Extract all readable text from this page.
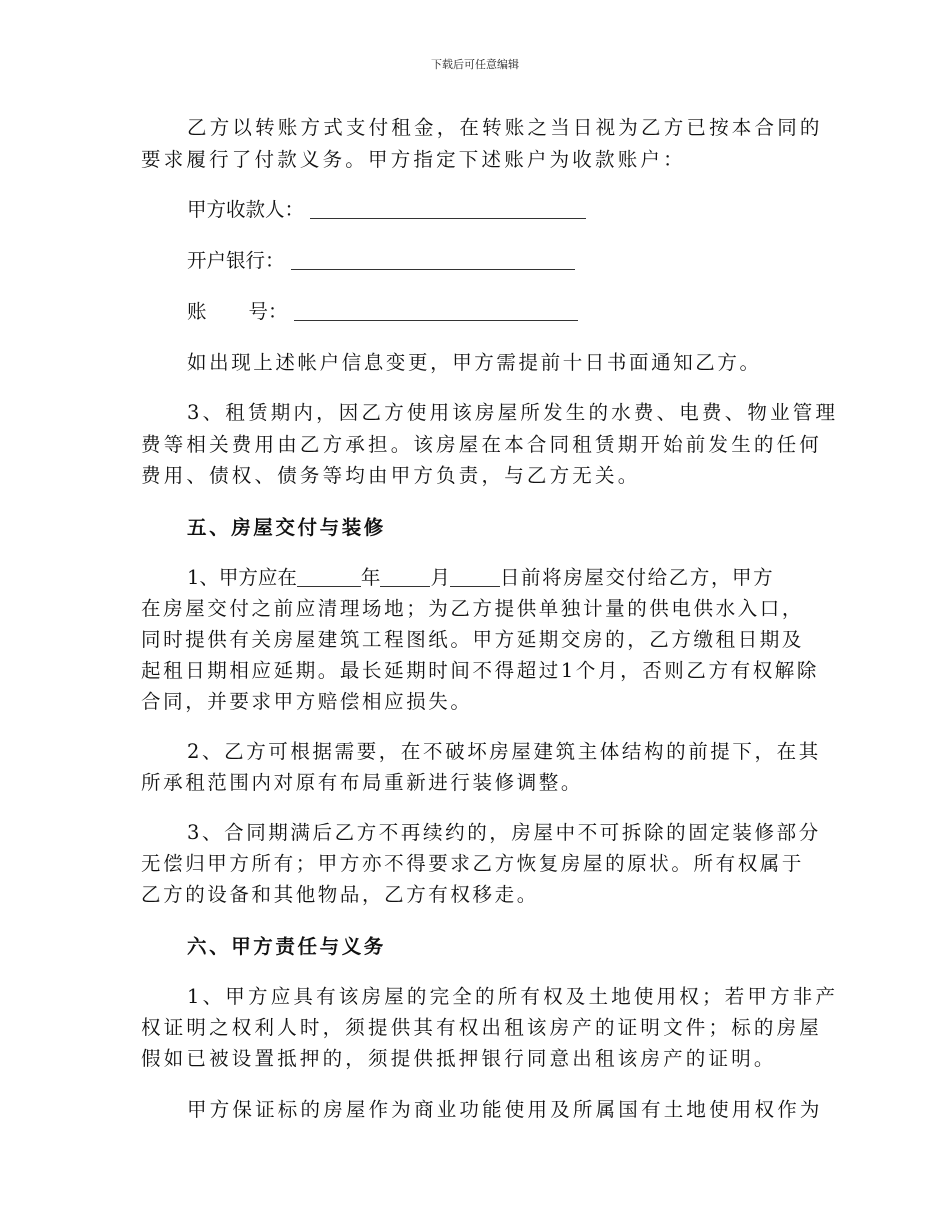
下载后可任意编辑
乙方以转账方式支付租金，在转账之当日视为乙方已按本合同的
要求履行了付款义务。甲方指定下述账户为收款账户：
甲方收款人：
开户银行：
账 号：
如出现上述帐户信息变更，甲方需提前十日书面通知乙方。
3、租赁期内，因乙方使用该房屋所发生的水费、电费、物业管理
费等相关费用由乙方承担。该房屋在本合同租赁期开始前发生的任何
费用、债权、债务等均由甲方负责，与乙方无关。
五、房屋交付与装修
1、甲方应在	年	月	日前将房屋交付给乙方，甲方
在房屋交付之前应清理场地；为乙方提供单独计量的供电供水入口，
同时提供有关房屋建筑工程图纸。甲方延期交房的，乙方缴租日期及
起租日期相应延期。最长延期时间不得超过1个月，否则乙方有权解除
合同，并要求甲方赔偿相应损失。
2、乙方可根据需要，在不破坏房屋建筑主体结构的前提下，在其
所承租范围内对原有布局重新进行装修调整。
3、合同期满后乙方不再续约的，房屋中不可拆除的固定装修部分
无偿归甲方所有；甲方亦不得要求乙方恢复房屋的原状。所有权属于
乙方的设备和其他物品，乙方有权移走。
六、甲方责任与义务
1、甲方应具有该房屋的完全的所有权及土地使用权；若甲方非产
权证明之权利人时，须提供其有权出租该房产的证明文件；标的房屋
假如已被设置抵押的，须提供抵押银行同意出租该房产的证明。
甲方保证标的房屋作为商业功能使用及所属国有土地使用权作为
